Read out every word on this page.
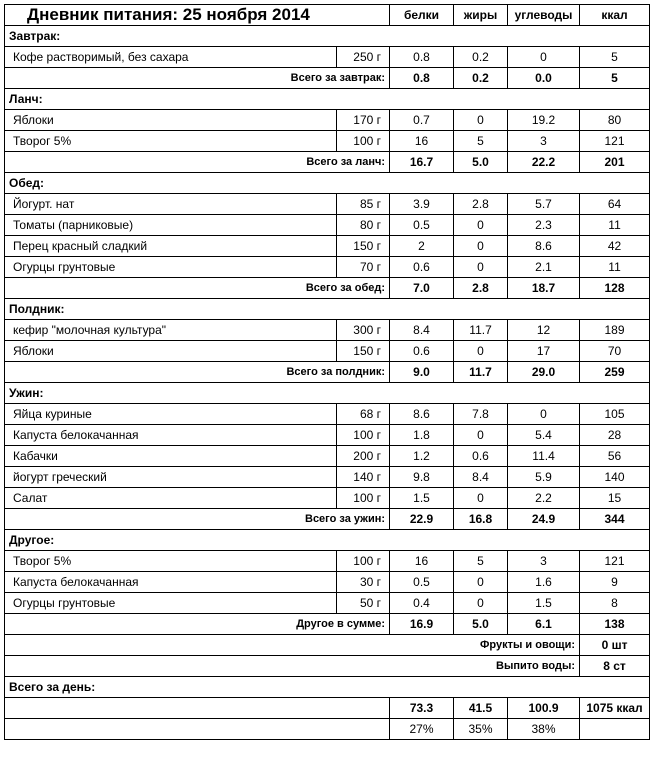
Дневник питания: 25 ноября 2014		белки	жиры	углеводы	ккал
Завтрак:					
Кофе растворимый, без сахара	250 г	0.8	0.2	0	5
Всего за завтрак:		0.8	0.2	0.0	5
Ланч:					
Яблоки	170 г	0.7	0	19.2	80
Творог 5%	100 г	16	5	3	121
Всего за ланч:		16.7	5.0	22.2	201
Обед:					
Йогурт. нат	85 г	3.9	2.8	5.7	64
Томаты (парниковые)	80 г	0.5	0	2.3	11
Перец красный сладкий	150 г	2	0	8.6	42
Огурцы грунтовые	70 г	0.6	0	2.1	11
Всего за обед:		7.0	2.8	18.7	128
Полдник:					
кефир "молочная культура"	300 г	8.4	11.7	12	189
Яблоки	150 г	0.6	0	17	70
Всего за полдник:		9.0	11.7	29.0	259
Ужин:					
Яйца куриные	68 г	8.6	7.8	0	105
Капуста белокачанная	100 г	1.8	0	5.4	28
Кабачки	200 г	1.2	0.6	11.4	56
йогурт греческий	140 г	9.8	8.4	5.9	140
Салат	100 г	1.5	0	2.2	15
Всего за ужин:		22.9	16.8	24.9	344
Другое:					
Творог 5%	100 г	16	5	3	121
Капуста белокачанная	30 г	0.5	0	1.6	9
Огурцы грунтовые	50 г	0.4	0	1.5	8
Другое в сумме:		16.9	5.0	6.1	138
Фрукты и овощи:					0 шт
Выпито воды:					8 ст
Всего за день:					
		73.3	41.5	100.9	1075 ккал
		27%	35%	38%	
